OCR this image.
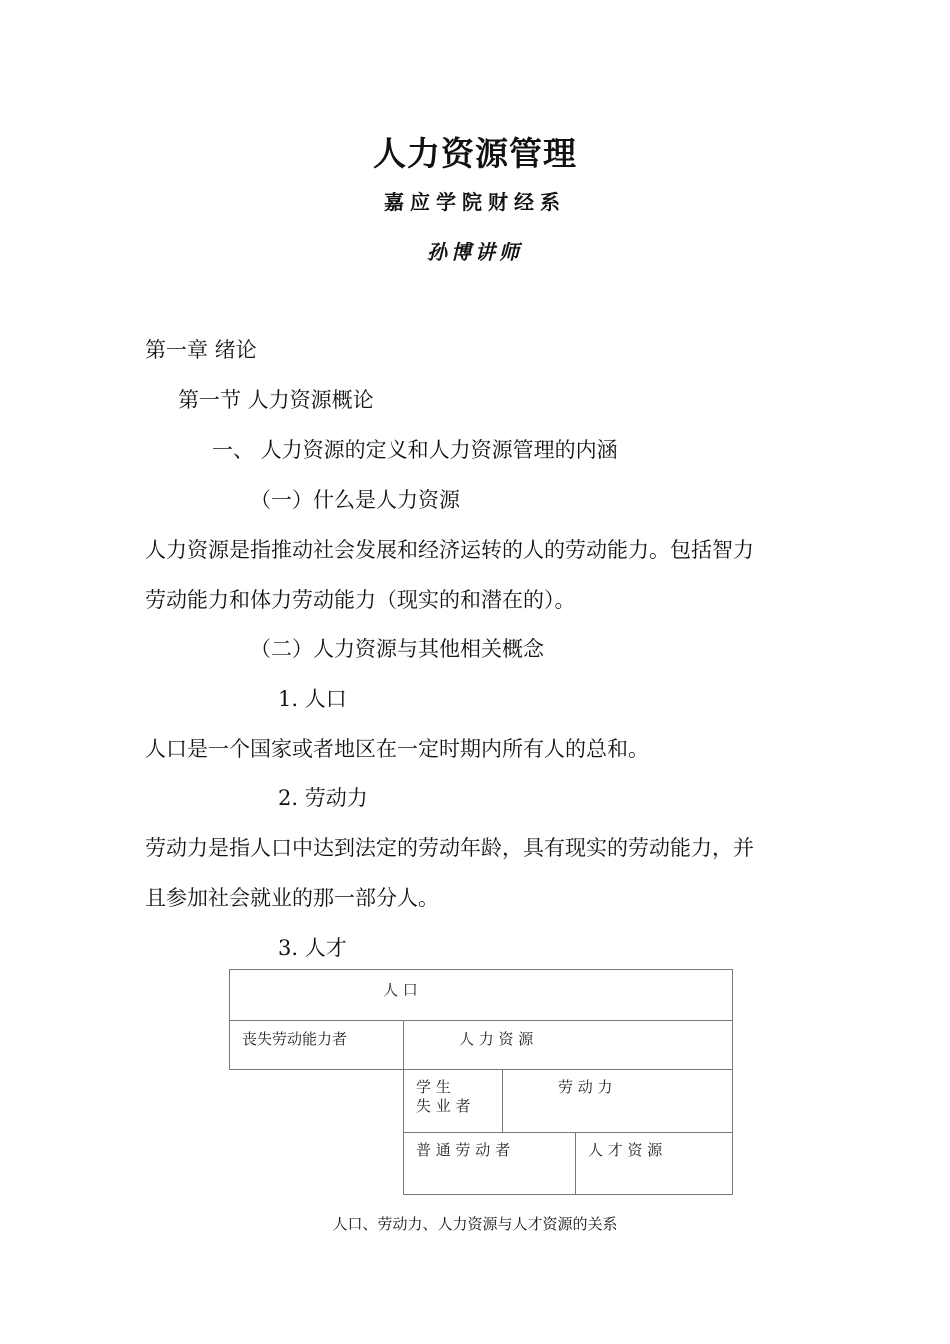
人力资源管理
嘉应学院财经系
孙博讲师
第一章 绪论
第一节 人力资源概论
一、 人力资源的定义和人力资源管理的内涵
（一）什么是人力资源
人力资源是指推动社会发展和经济运转的人的劳动能力。包括智力
劳动能力和体力劳动能力（现实的和潜在的）。
（二）人力资源与其他相关概念
1. 人口
人口是一个国家或者地区在一定时期内所有人的总和。
2. 劳动力
劳动力是指人口中达到法定的劳动年龄，具有现实的劳动能力，并
且参加社会就业的那一部分人。
3. 人才
人 口
丧失劳动能力者	人 力 资 源
学 生
失 业 者
劳 动 力
普 通 劳 动 者	人 才 资 源
人口、劳动力、人力资源与人才资源的关系
